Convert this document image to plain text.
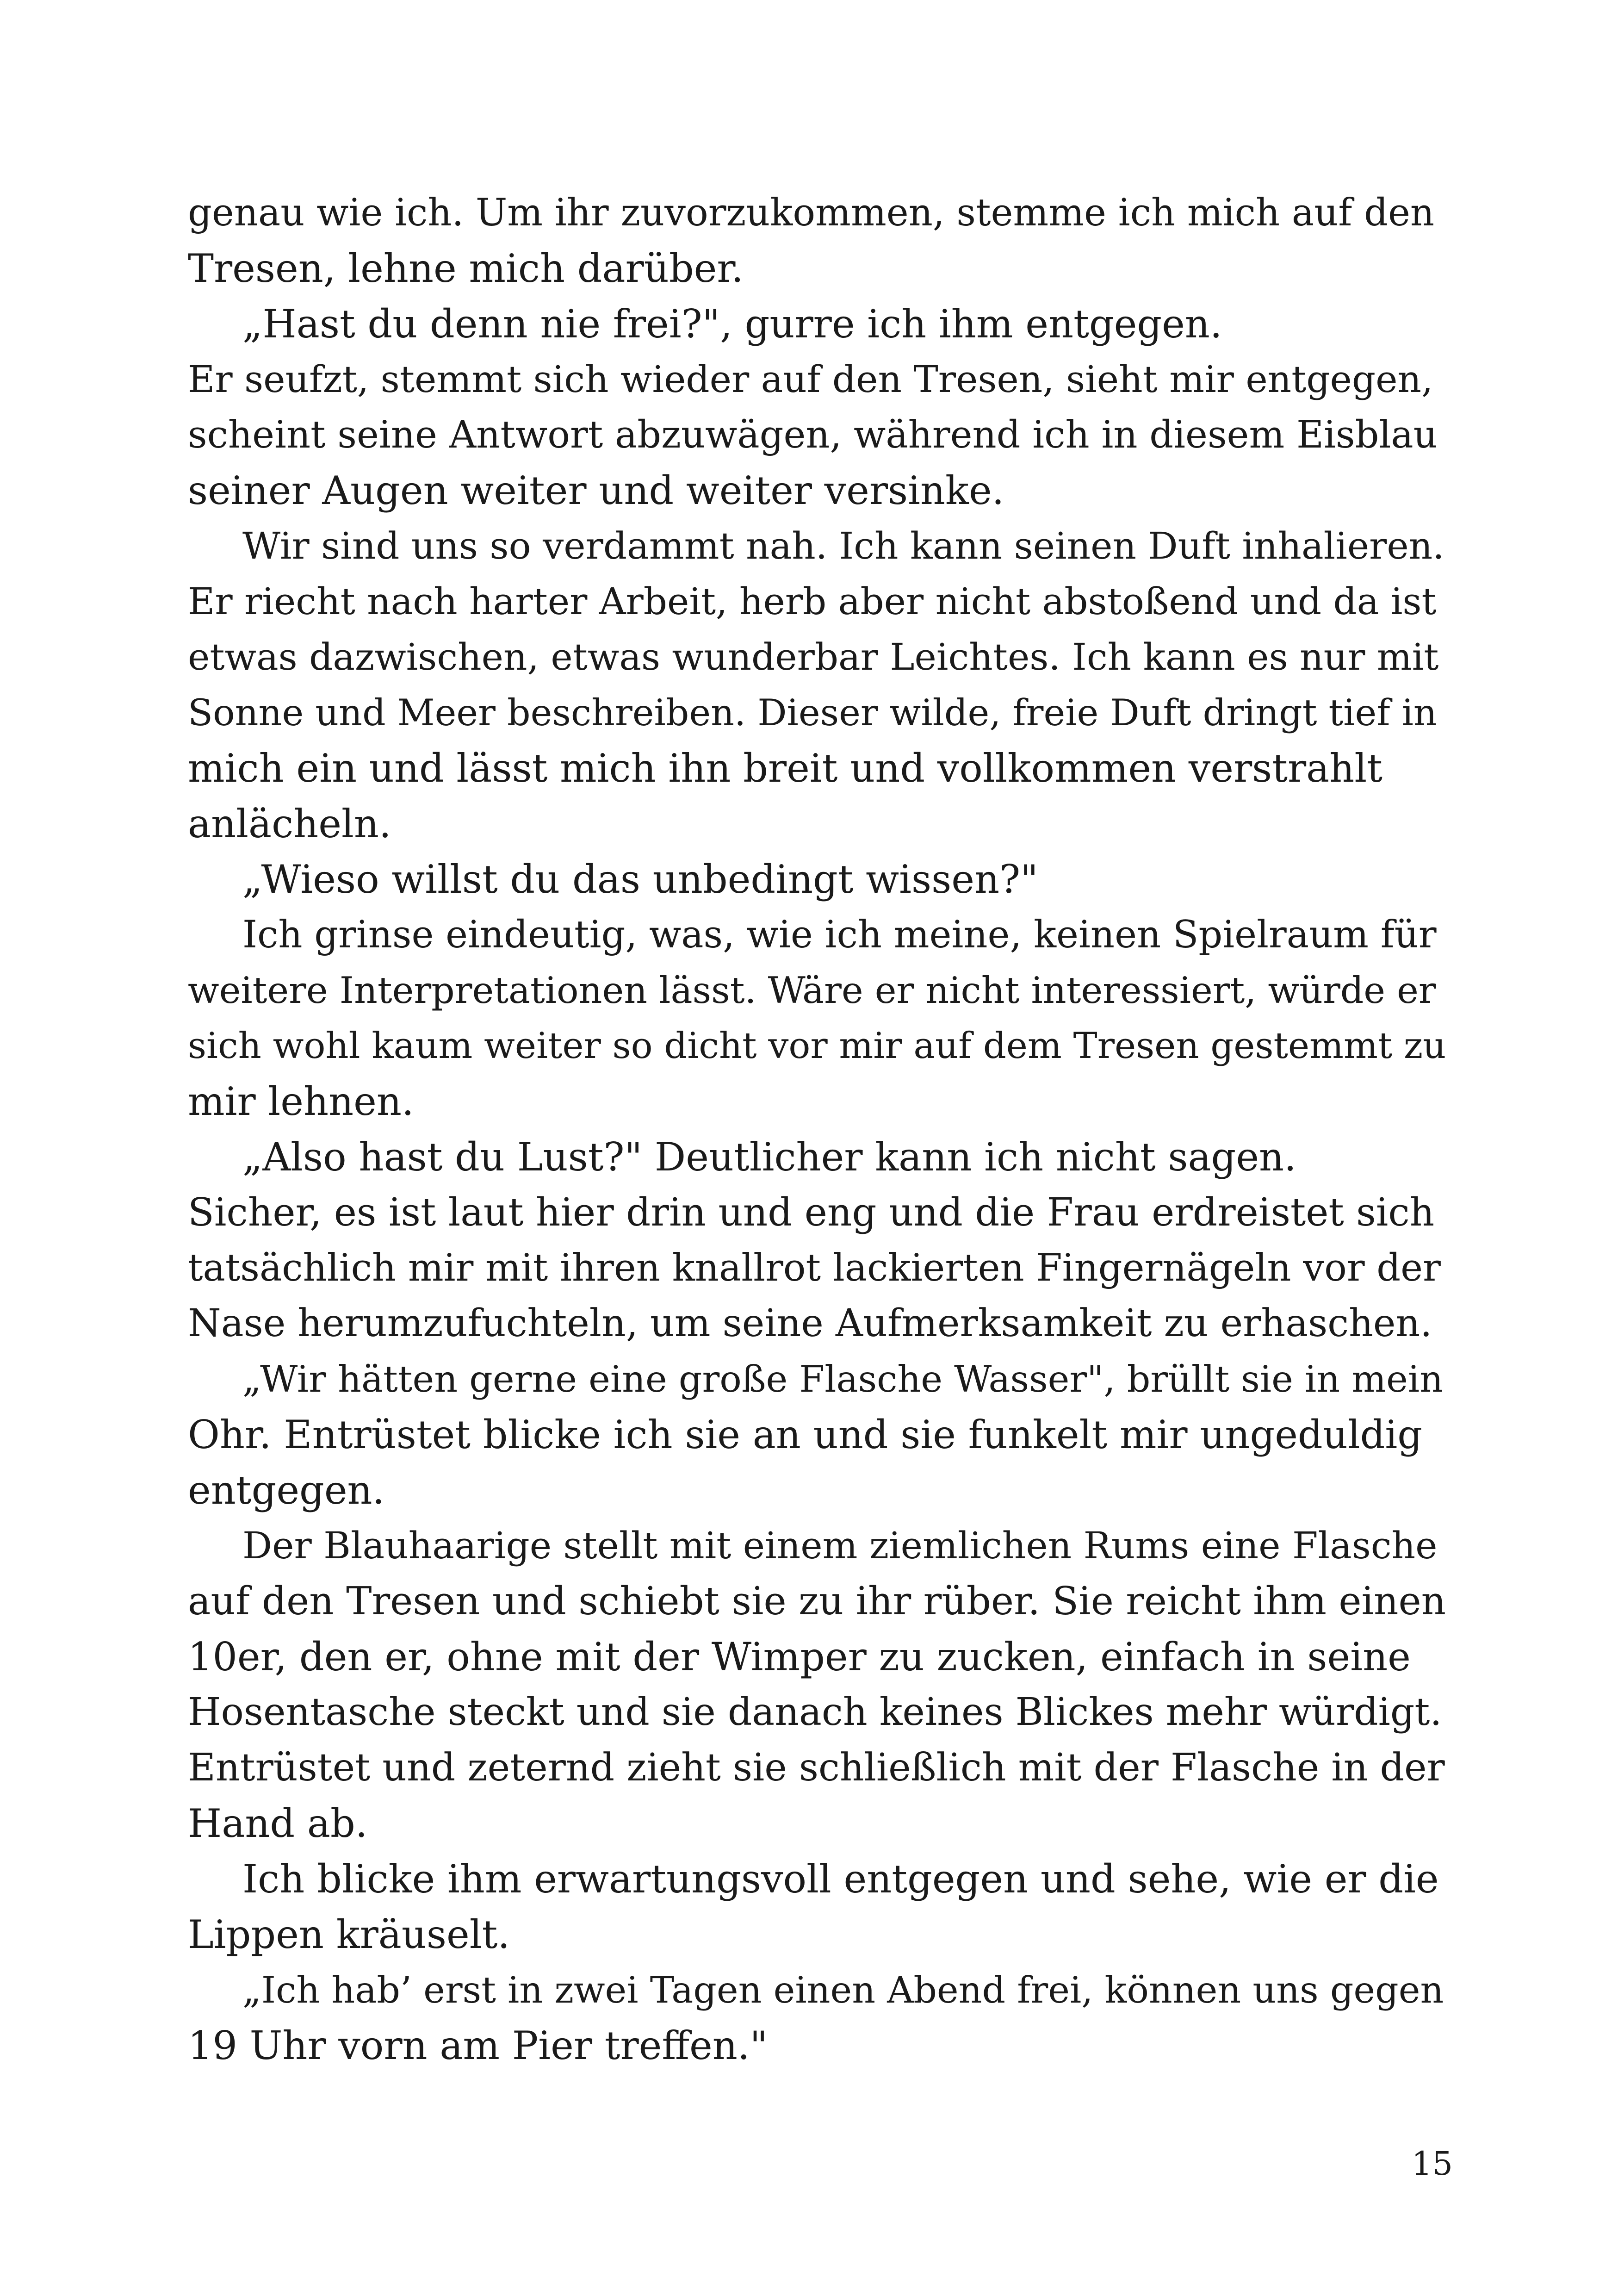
genau wie ich. Um ihr zuvorzukommen, stemme ich mich auf den
Tresen, lehne mich darüber.
„Hast du denn nie frei?", gurre ich ihm entgegen.
Er seufzt, stemmt sich wieder auf den Tresen, sieht mir entgegen,
scheint seine Antwort abzuwägen, während ich in diesem Eisblau
seiner Augen weiter und weiter versinke.
Wir sind uns so verdammt nah. Ich kann seinen Duft inhalieren.
Er riecht nach harter Arbeit, herb aber nicht abstoßend und da ist
etwas dazwischen, etwas wunderbar Leichtes. Ich kann es nur mit
Sonne und Meer beschreiben. Dieser wilde, freie Duft dringt tief in
mich ein und lässt mich ihn breit und vollkommen verstrahlt
anlächeln.
„Wieso willst du das unbedingt wissen?"
Ich grinse eindeutig, was, wie ich meine, keinen Spielraum für
weitere Interpretationen lässt. Wäre er nicht interessiert, würde er
sich wohl kaum weiter so dicht vor mir auf dem Tresen gestemmt zu
mir lehnen.
„Also hast du Lust?" Deutlicher kann ich nicht sagen.
Sicher, es ist laut hier drin und eng und die Frau erdreistet sich
tatsächlich mir mit ihren knallrot lackierten Fingernägeln vor der
Nase herumzufuchteln, um seine Aufmerksamkeit zu erhaschen.
„Wir hätten gerne eine große Flasche Wasser", brüllt sie in mein
Ohr. Entrüstet blicke ich sie an und sie funkelt mir ungeduldig
entgegen.
Der Blauhaarige stellt mit einem ziemlichen Rums eine Flasche
auf den Tresen und schiebt sie zu ihr rüber. Sie reicht ihm einen
10er, den er, ohne mit der Wimper zu zucken, einfach in seine
Hosentasche steckt und sie danach keines Blickes mehr würdigt.
Entrüstet und zeternd zieht sie schließlich mit der Flasche in der
Hand ab.
Ich blicke ihm erwartungsvoll entgegen und sehe, wie er die
Lippen kräuselt.
„Ich hab’ erst in zwei Tagen einen Abend frei, können uns gegen
19 Uhr vorn am Pier treffen."
15
